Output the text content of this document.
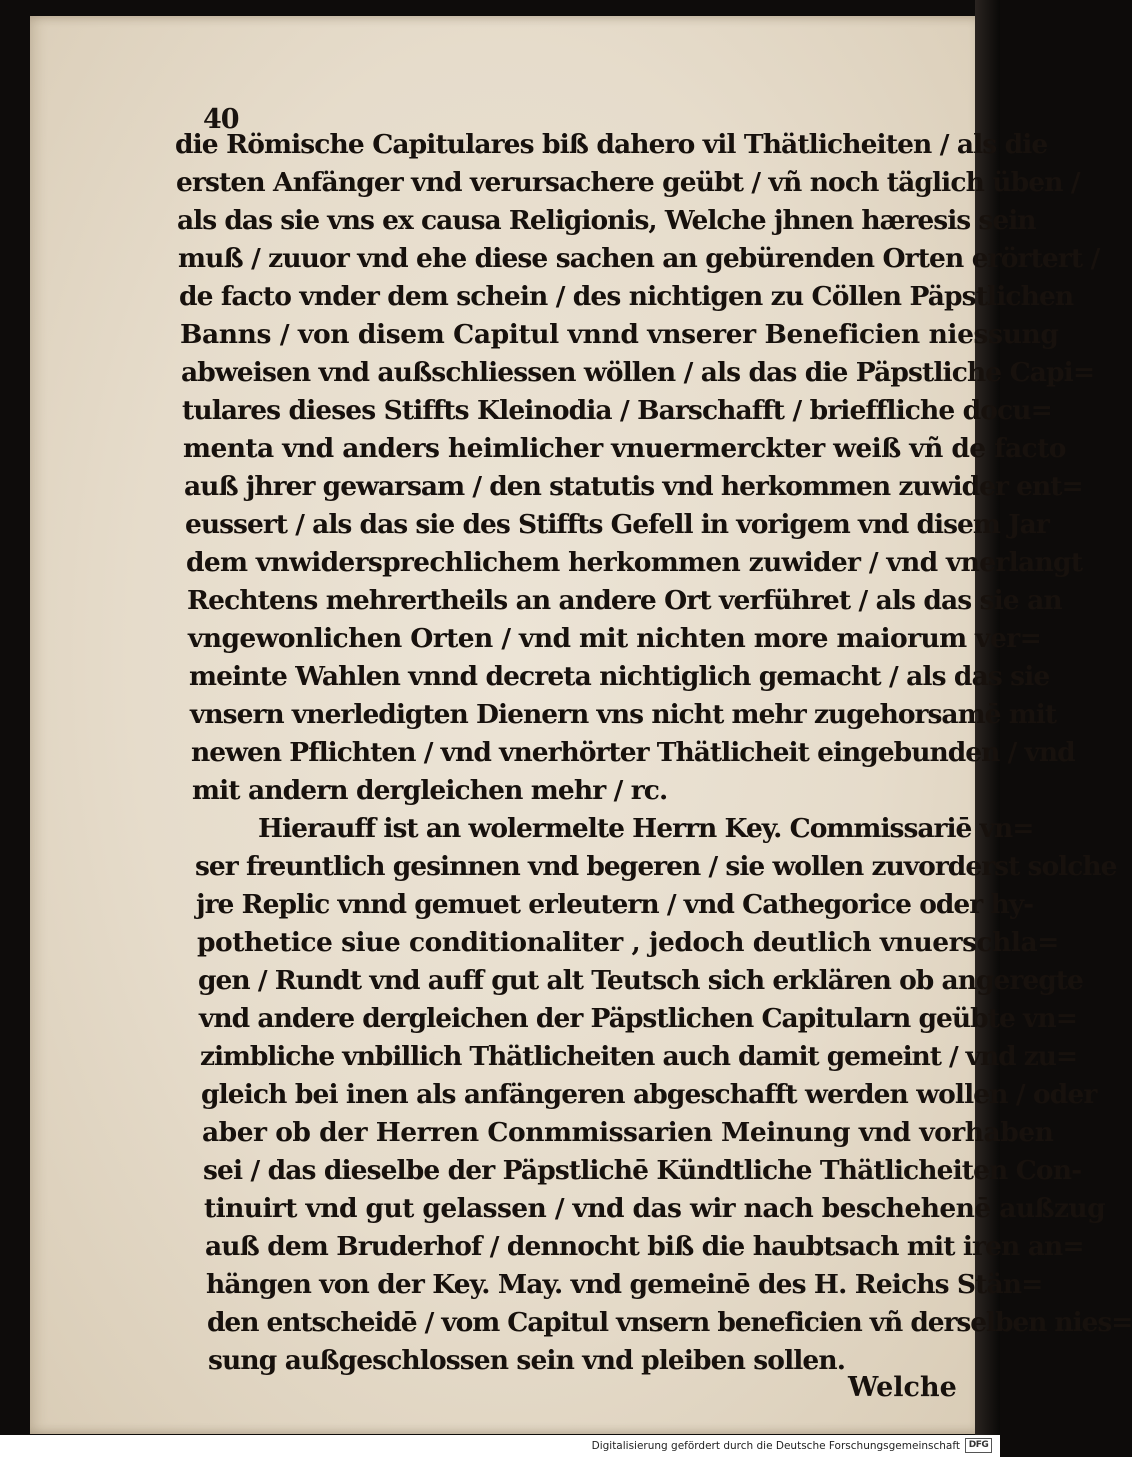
40
die Römische Capitulares biß dahero vil Thätlicheiten / als die
ersten Anfänger vnd verursachere geübt / vñ noch täglich üben /
als das sie vns ex causa Religionis, Welche jhnen hæresis sein
muß / zuuor vnd ehe diese sachen an gebürenden Orten erörtert /
de facto vnder dem schein / des nichtigen zu Cöllen Päpstlichen
Banns / von disem Capitul vnnd vnserer Beneficien niessung
abweisen vnd außschliessen wöllen / als das die Päpstliche Capi=
tulares dieses Stiffts Kleinodia / Barschafft / brieffliche docu=
menta vnd anders heimlicher vnuermerckter weiß vñ de facto
auß jhrer gewarsam / den statutis vnd herkommen zuwider ent=
eussert / als das sie des Stiffts Gefell in vorigem vnd disem Jar
dem vnwidersprechlichem herkommen zuwider / vnd vnerlangt
Rechtens mehrertheils an andere Ort verführet / als das sie an
vngewonlichen Orten / vnd mit nichten more maiorum ver=
meinte Wahlen vnnd decreta nichtiglich gemacht / als das sie
vnsern vnerledigten Dienern vns nicht mehr zugehorsamē mit
newen Pflichten / vnd vnerhörter Thätlicheit eingebunden / vnd
mit andern dergleichen mehr / rc.
Hierauff ist an wolermelte Herrn Key. Commissariē vn=
ser freuntlich gesinnen vnd begeren / sie wollen zuvorderst solche
jre Replic vnnd gemuet erleutern / vnd Cathegorice oder hy-
pothetice siue conditionaliter , jedoch deutlich vnuerschla=
gen / Rundt vnd auff gut alt Teutsch sich erklären ob angeregte
vnd andere dergleichen der Päpstlichen Capitularn geübte vn=
zimbliche vnbillich Thätlicheiten auch damit gemeint / vnd zu=
gleich bei inen als anfängeren abgeschafft werden wollen / oder
aber ob der Herren Conmmissarien Meinung vnd vorhaben
sei / das dieselbe der Päpstlichē Kündtliche Thätlicheiten Con-
tinuirt vnd gut gelassen / vnd das wir nach beschehenē außzug
auß dem Bruderhof / dennocht biß die haubtsach mit iren an=
hängen von der Key. May. vnd gemeinē des H. Reichs Stän=
den entscheidē / vom Capitul vnsern beneficien vñ derselben nies=
sung außgeschlossen sein vnd pleiben sollen.
Welche
Digitalisierung gefördert durch die Deutsche Forschungsgemeinschaft DFG
